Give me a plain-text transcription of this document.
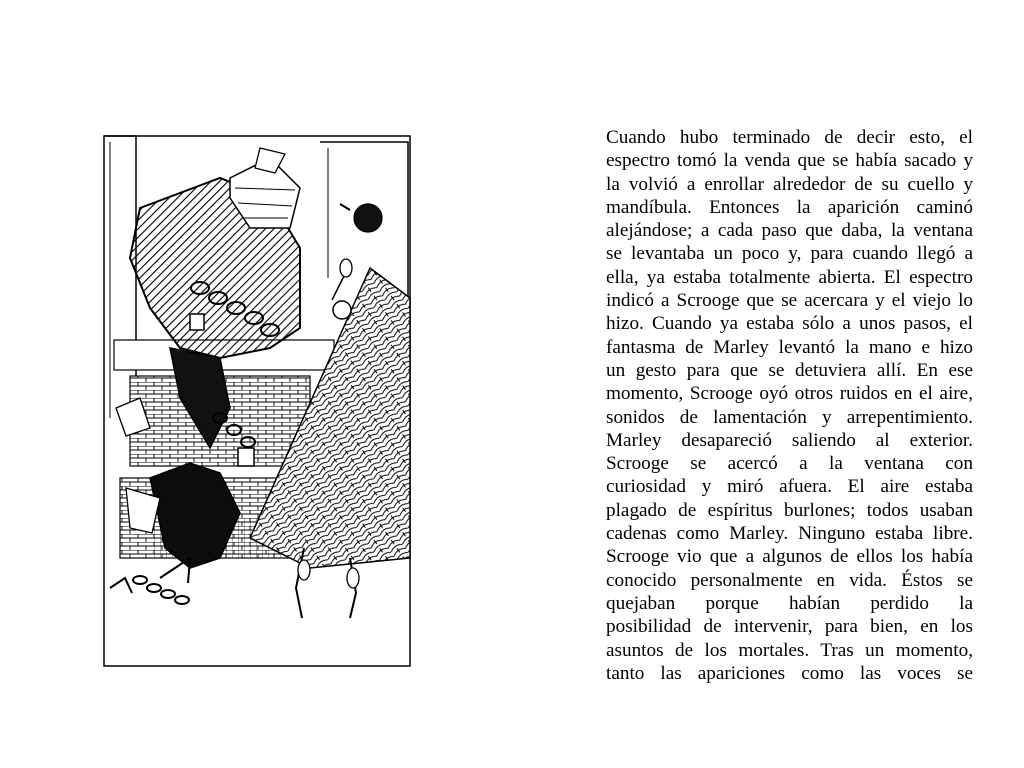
Cuando hubo terminado de decir esto, el
espectro tomó la venda que se había sacado y
la volvió a enrollar alrededor de su cuello y
mandíbula. Entonces la aparición caminó
alejándose; a cada paso que daba, la ventana
se levantaba un poco y, para cuando llegó a
ella, ya estaba totalmente abierta. El espectro
indicó a Scrooge que se acercara y el viejo lo
hizo. Cuando ya estaba sólo a unos pasos, el
fantasma de Marley levantó la mano e hizo
un gesto para que se detuviera allí. En ese
momento, Scrooge oyó otros ruidos en el aire,
sonidos de lamentación y arrepentimiento.
Marley desapareció saliendo al exterior.
Scrooge se acercó a la ventana con
curiosidad y miró afuera. El aire estaba
plagado de espíritus burlones; todos usaban
cadenas como Marley. Ninguno estaba libre.
Scrooge vio que a algunos de ellos los había
conocido personalmente en vida. Éstos se
quejaban porque habían perdido la
posibilidad de intervenir, para bien, en los
asuntos de los mortales. Tras un momento,
tanto las apariciones como las voces se
